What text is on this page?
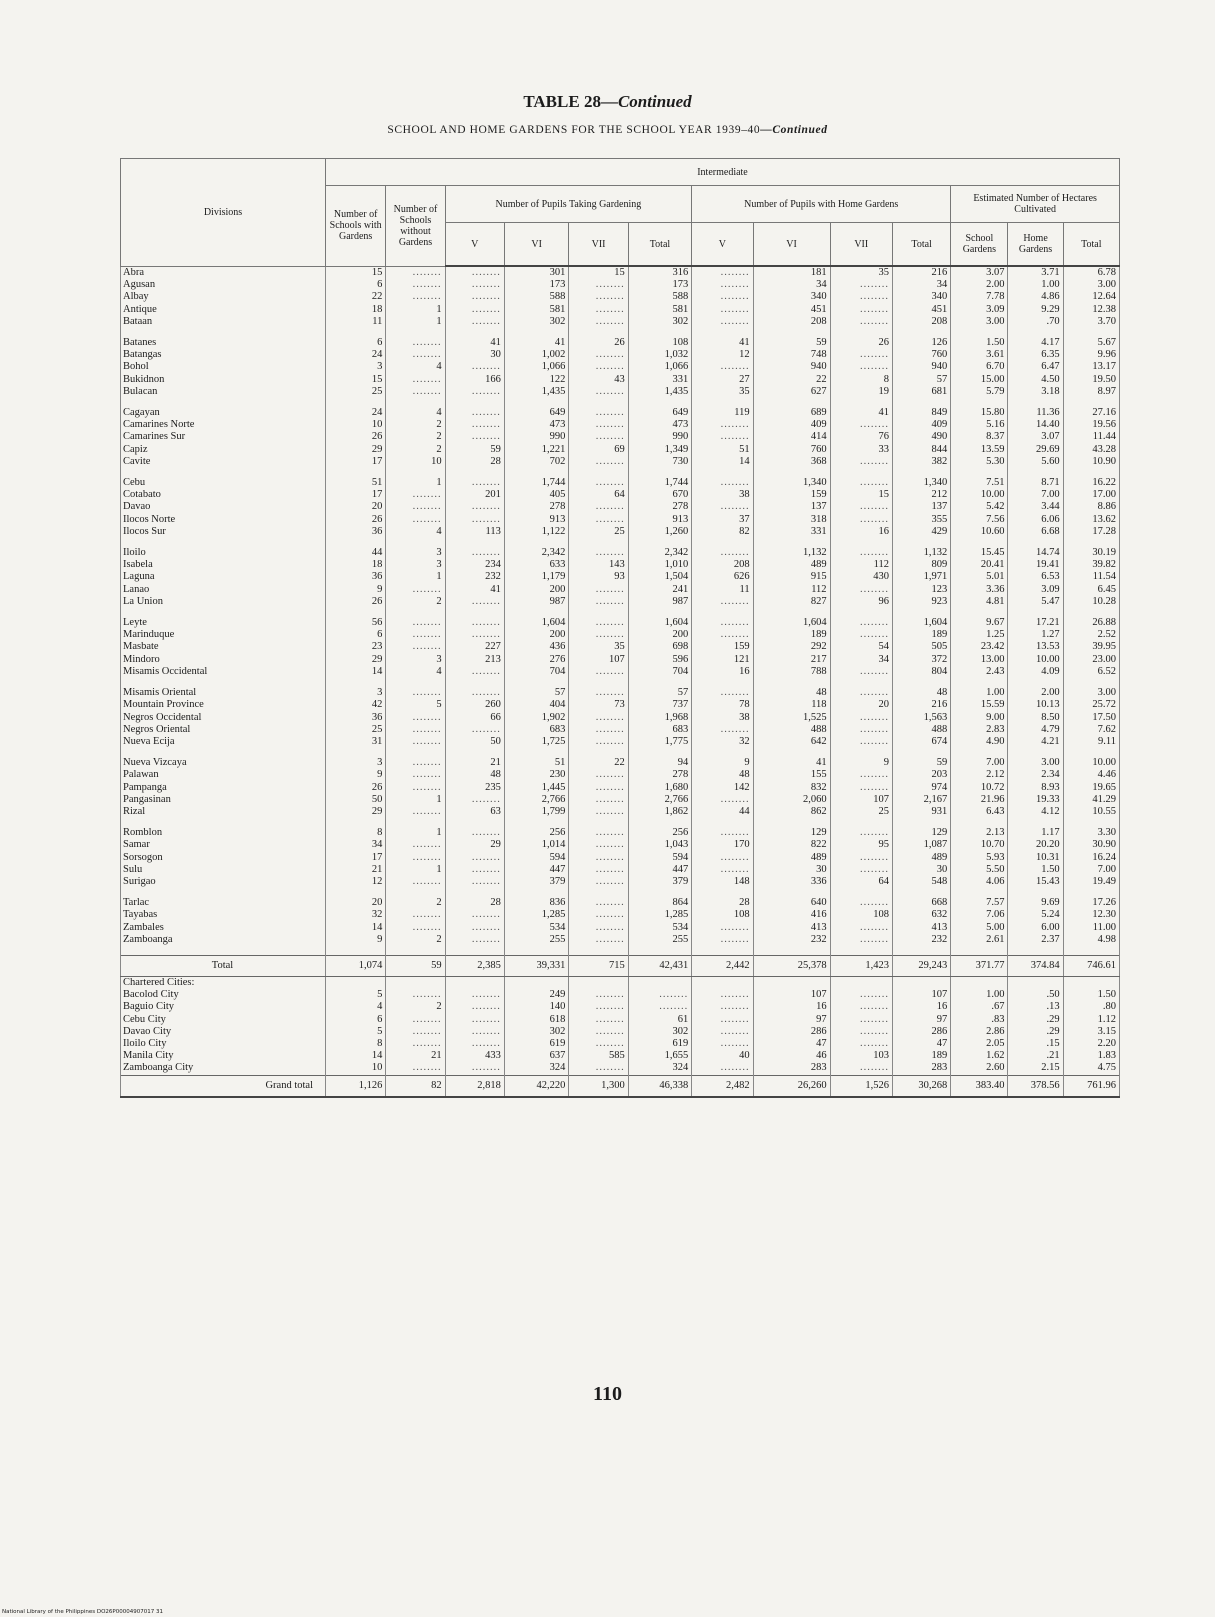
TABLE 28—Continued
SCHOOL AND HOME GARDENS FOR THE SCHOOL YEAR 1939–40—Continued
Divisions	Intermediate												
	Number of Schools with Gardens	Number of Schools without Gardens	Number of Pupils Taking Gardening				Number of Pupils with Home Gardens				Estimated Number of Hectares Cultivated		
			V	VI	VII	Total	V	VI	VII	Total	School Gardens	Home Gardens	Total
Abra	15	........	........	301	15	316	........	181	35	216	3.07	3.71	6.78
Agusan	6	........	........	173	........	173	........	34	........	34	2.00	1.00	3.00
Albay	22	........	........	588	........	588	........	340	........	340	7.78	4.86	12.64
Antique	18	1	........	581	........	581	........	451	........	451	3.09	9.29	12.38
Bataan	11	1	........	302	........	302	........	208	........	208	3.00	.70	3.70

Batanes	6	........	41	41	26	108	41	59	26	126	1.50	4.17	5.67
Batangas	24	........	30	1,002	........	1,032	12	748	........	760	3.61	6.35	9.96
Bohol	3	4	........	1,066	........	1,066	........	940	........	940	6.70	6.47	13.17
Bukidnon	15	........	166	122	43	331	27	22	8	57	15.00	4.50	19.50
Bulacan	25	........	........	1,435	........	1,435	35	627	19	681	5.79	3.18	8.97

Cagayan	24	4	........	649	........	649	119	689	41	849	15.80	11.36	27.16
Camarines Norte	10	2	........	473	........	473	........	409	........	409	5.16	14.40	19.56
Camarines Sur	26	2	........	990	........	990	........	414	76	490	8.37	3.07	11.44
Capiz	29	2	59	1,221	69	1,349	51	760	33	844	13.59	29.69	43.28
Cavite	17	10	28	702	........	730	14	368	........	382	5.30	5.60	10.90

Cebu	51	1	........	1,744	........	1,744	........	1,340	........	1,340	7.51	8.71	16.22
Cotabato	17	........	201	405	64	670	38	159	15	212	10.00	7.00	17.00
Davao	20	........	........	278	........	278	........	137	........	137	5.42	3.44	8.86
Ilocos Norte	26	........	........	913	........	913	37	318	........	355	7.56	6.06	13.62
Ilocos Sur	36	4	113	1,122	25	1,260	82	331	16	429	10.60	6.68	17.28

Iloilo	44	3	........	2,342	........	2,342	........	1,132	........	1,132	15.45	14.74	30.19
Isabela	18	3	234	633	143	1,010	208	489	112	809	20.41	19.41	39.82
Laguna	36	1	232	1,179	93	1,504	626	915	430	1,971	5.01	6.53	11.54
Lanao	9	........	41	200	........	241	11	112	........	123	3.36	3.09	6.45
La Union	26	2	........	987	........	987	........	827	96	923	4.81	5.47	10.28

Leyte	56	........	........	1,604	........	1,604	........	1,604	........	1,604	9.67	17.21	26.88
Marinduque	6	........	........	200	........	200	........	189	........	189	1.25	1.27	2.52
Masbate	23	........	227	436	35	698	159	292	54	505	23.42	13.53	39.95
Mindoro	29	3	213	276	107	596	121	217	34	372	13.00	10.00	23.00
Misamis Occidental	14	4	........	704	........	704	16	788	........	804	2.43	4.09	6.52

Misamis Oriental	3	........	........	57	........	57	........	48	........	48	1.00	2.00	3.00
Mountain Province	42	5	260	404	73	737	78	118	20	216	15.59	10.13	25.72
Negros Occidental	36	........	66	1,902	........	1,968	38	1,525	........	1,563	9.00	8.50	17.50
Negros Oriental	25	........	........	683	........	683	........	488	........	488	2.83	4.79	7.62
Nueva Ecija	31	........	50	1,725	........	1,775	32	642	........	674	4.90	4.21	9.11

Nueva Vizcaya	3	........	21	51	22	94	9	41	9	59	7.00	3.00	10.00
Palawan	9	........	48	230	........	278	48	155	........	203	2.12	2.34	4.46
Pampanga	26	........	235	1,445	........	1,680	142	832	........	974	10.72	8.93	19.65
Pangasinan	50	1	........	2,766	........	2,766	........	2,060	107	2,167	21.96	19.33	41.29
Rizal	29	........	63	1,799	........	1,862	44	862	25	931	6.43	4.12	10.55

Romblon	8	1	........	256	........	256	........	129	........	129	2.13	1.17	3.30
Samar	34	........	29	1,014	........	1,043	170	822	95	1,087	10.70	20.20	30.90
Sorsogon	17	........	........	594	........	594	........	489	........	489	5.93	10.31	16.24
Sulu	21	1	........	447	........	447	........	30	........	30	5.50	1.50	7.00
Surigao	12	........	........	379	........	379	148	336	64	548	4.06	15.43	19.49

Tarlac	20	2	28	836	........	864	28	640	........	668	7.57	9.69	17.26
Tayabas	32	........	........	1,285	........	1,285	108	416	108	632	7.06	5.24	12.30
Zambales	14	........	........	534	........	534	........	413	........	413	5.00	6.00	11.00
Zamboanga	9	2	........	255	........	255	........	232	........	232	2.61	2.37	4.98

Total	1,074	59	2,385	39,331	715	42,431	2,442	25,378	1,423	29,243	371.77	374.84	746.61
Chartered Cities:													
Bacolod City	5	........	........	249	........	........	........	107	........	107	1.00	.50	1.50
Baguio City	4	2	........	140	........	........	........	16	........	16	.67	.13	.80
Cebu City	6	........	........	618	........	61	........	97	........	97	.83	.29	1.12
Davao City	5	........	........	302	........	302	........	286	........	286	2.86	.29	3.15
Iloilo City	8	........	........	619	........	619	........	47	........	47	2.05	.15	2.20
Manila City	14	21	433	637	585	1,655	40	46	103	189	1.62	.21	1.83
Zamboanga City	10	........	........	324	........	324	........	283	........	283	2.60	2.15	4.75
Grand total	1,126	82	2,818	42,220	1,300	46,338	2,482	26,260	1,526	30,268	383.40	378.56	761.96
110
National Library of the Philippines DO26P00004907017 31
